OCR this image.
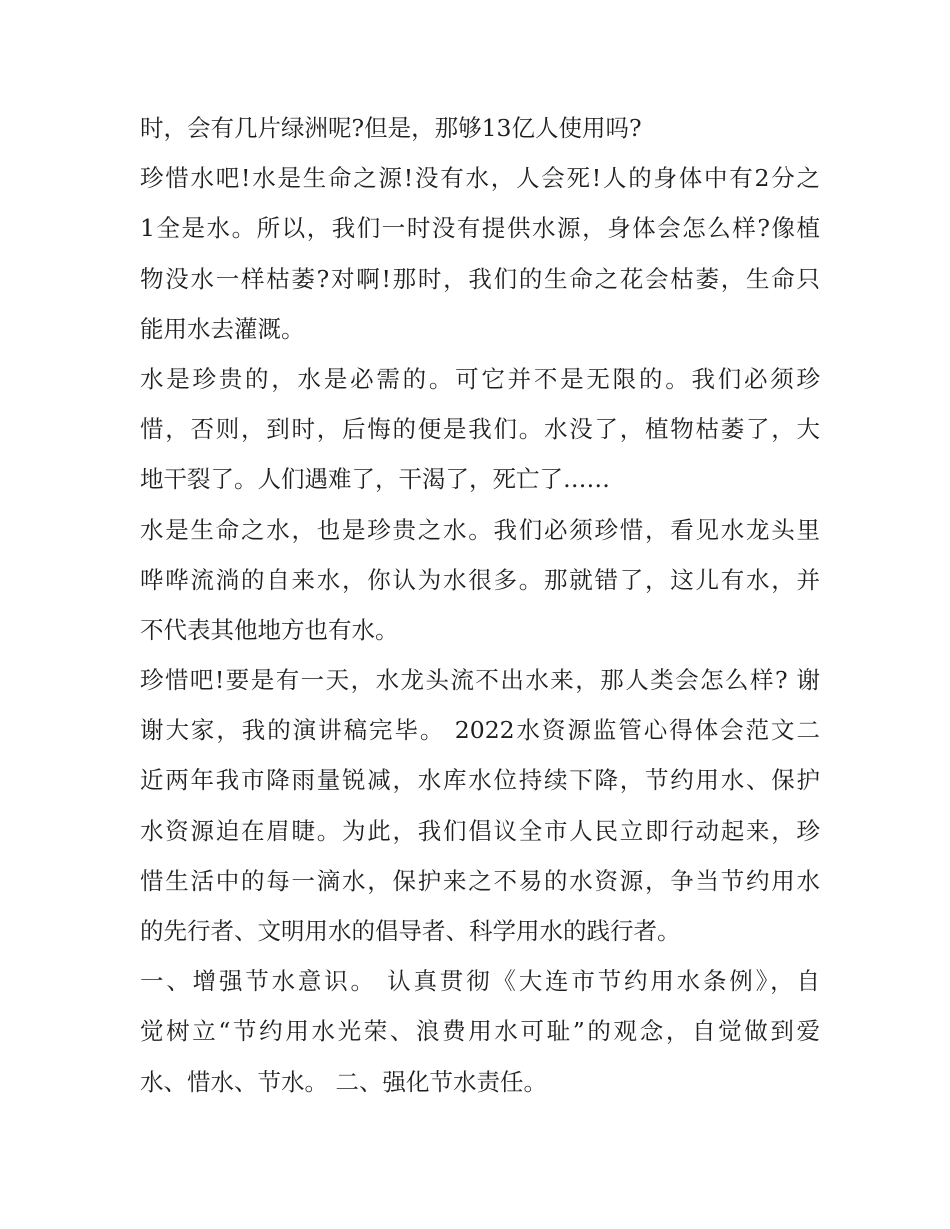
时，会有几片绿洲呢?但是，那够13亿人使用吗?
珍惜水吧!水是生命之源!没有水，人会死!人的身体中有2分之
1全是水。所以，我们一时没有提供水源，身体会怎么样?像植
物没水一样枯萎?对啊!那时，我们的生命之花会枯萎，生命只
能用水去灌溉。
水是珍贵的，水是必需的。可它并不是无限的。我们必须珍
惜，否则，到时，后悔的便是我们。水没了，植物枯萎了，大
地干裂了。人们遇难了，干渴了，死亡了……
水是生命之水，也是珍贵之水。我们必须珍惜，看见水龙头里
哗哗流淌的自来水，你认为水很多。那就错了，这儿有水，并
不代表其他地方也有水。
珍惜吧!要是有一天，水龙头流不出水来，那人类会怎么样? 谢
谢大家，我的演讲稿完毕。 2022水资源监管心得体会范文二
近两年我市降雨量锐减，水库水位持续下降，节约用水、保护
水资源迫在眉睫。为此，我们倡议全市人民立即行动起来，珍
惜生活中的每一滴水，保护来之不易的水资源，争当节约用水
的先行者、文明用水的倡导者、科学用水的践行者。
一、增强节水意识。 认真贯彻《大连市节约用水条例》，自
觉树立“节约用水光荣、浪费用水可耻”的观念，自觉做到爱
水、惜水、节水。 二、强化节水责任。
